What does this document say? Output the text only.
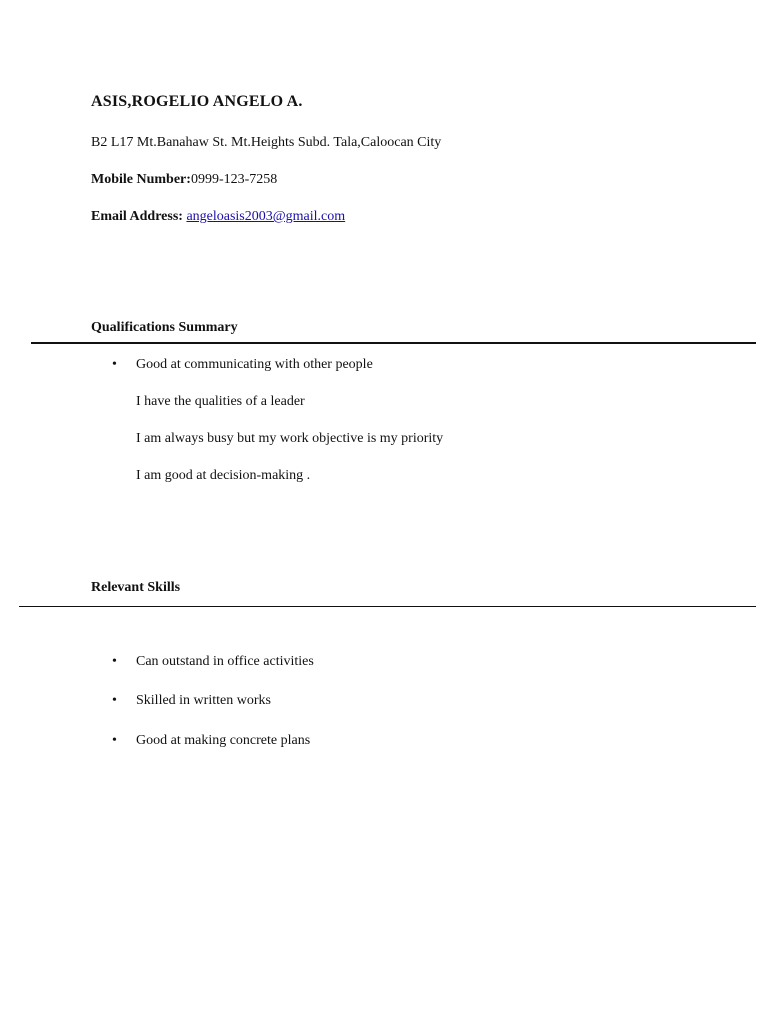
ASIS,ROGELIO ANGELO A.
B2 L17 Mt.Banahaw St. Mt.Heights Subd. Tala,Caloocan City
Mobile Number:0999-123-7258
Email Address: angeloasis2003@gmail.com
Qualifications Summary
• Good at communicating with other people
I have the qualities of a leader
I am always busy but my work objective is my priority
I am good at decision-making .
Relevant Skills
• Can outstand in office activities
• Skilled in written works
• Good at making concrete plans
